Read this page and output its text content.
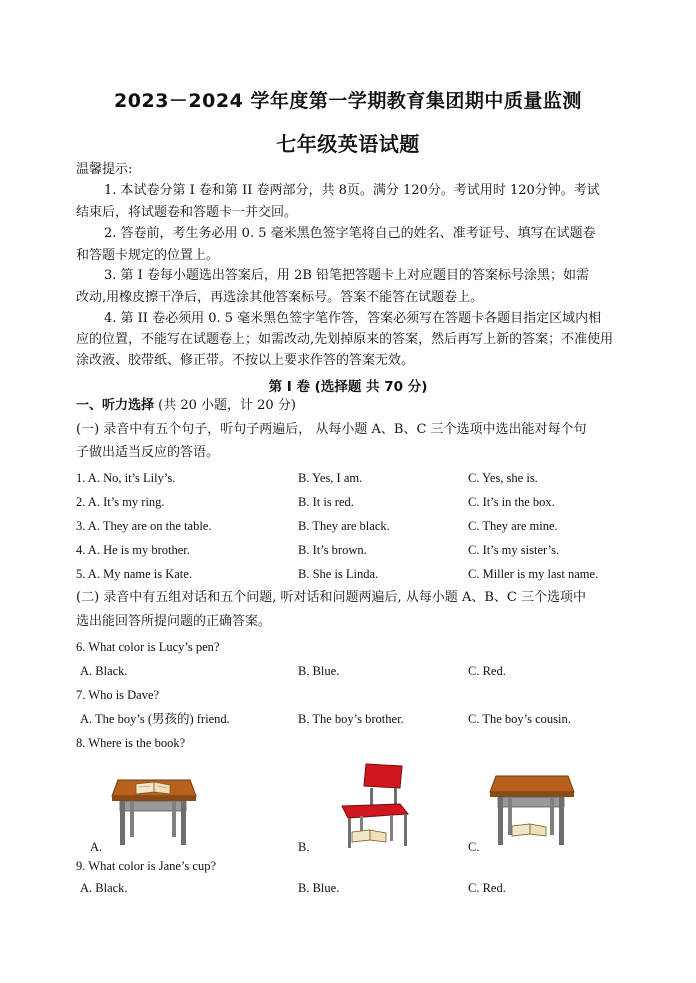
2023－2024 学年度第一学期教育集团期中质量监测
七年级英语试题
温馨提示:
1. 本试卷分第 I 卷和第 II 卷两部分，共 8页。满分 120分。考试用时 120分钟。考试
结束后，将试题卷和答题卡一并交回。
2. 答卷前，考生务必用 0. 5 毫米黑色签字笔将自己的姓名、准考证号、填写在试题卷
和答题卡规定的位置上。
3. 第 I 卷每小题选出答案后，用 2B 铅笔把答题卡上对应题目的答案标号涂黑；如需
改动,用橡皮擦干净后，再选涂其他答案标号。答案不能答在试题卷上。
4. 第 II 卷必须用 0. 5 毫米黑色签字笔作答，答案必须写在答题卡各题目指定区域内相
应的位置，不能写在试题卷上；如需改动,先划掉原来的答案，然后再写上新的答案；不准使用
涂改液、胶带纸、修正带。不按以上要求作答的答案无效。
第 I 卷 (选择题 共 70 分)
一、听力选择 (共 20 小题，计 20 分)
(一) 录音中有五个句子，听句子两遍后， 从每小题 A、B、C 三个选项中选出能对每个句
子做出适当反应的答语。
1. A. No, it’s Lily’s.	B. Yes, I am.	C. Yes, she is.
2. A. It’s my ring.	B. It is red.	C. It’s in the box.
3. A. They are on the table.	B. They are black.	C. They are mine.
4. A. He is my brother.	B. It’s brown.	C. It’s my sister’s.
5. A. My name is Kate.	B. She is Linda.	C. Miller is my last name.
(二) 录音中有五组对话和五个问题, 听对话和问题两遍后, 从每小题 A、B、C 三个选项中
选出能回答所提问题的正确答案。
6. What color is Lucy’s pen?
A. Black.	B. Blue.	C. Red.
7. Who is Dave?
A. The boy’s (男孩的) friend.	B. The boy’s brother.	C. The boy’s cousin.
8. Where is the book?
A.	B.	C.
9. What color is Jane’s cup?
A. Black.	B. Blue.	C. Red.
